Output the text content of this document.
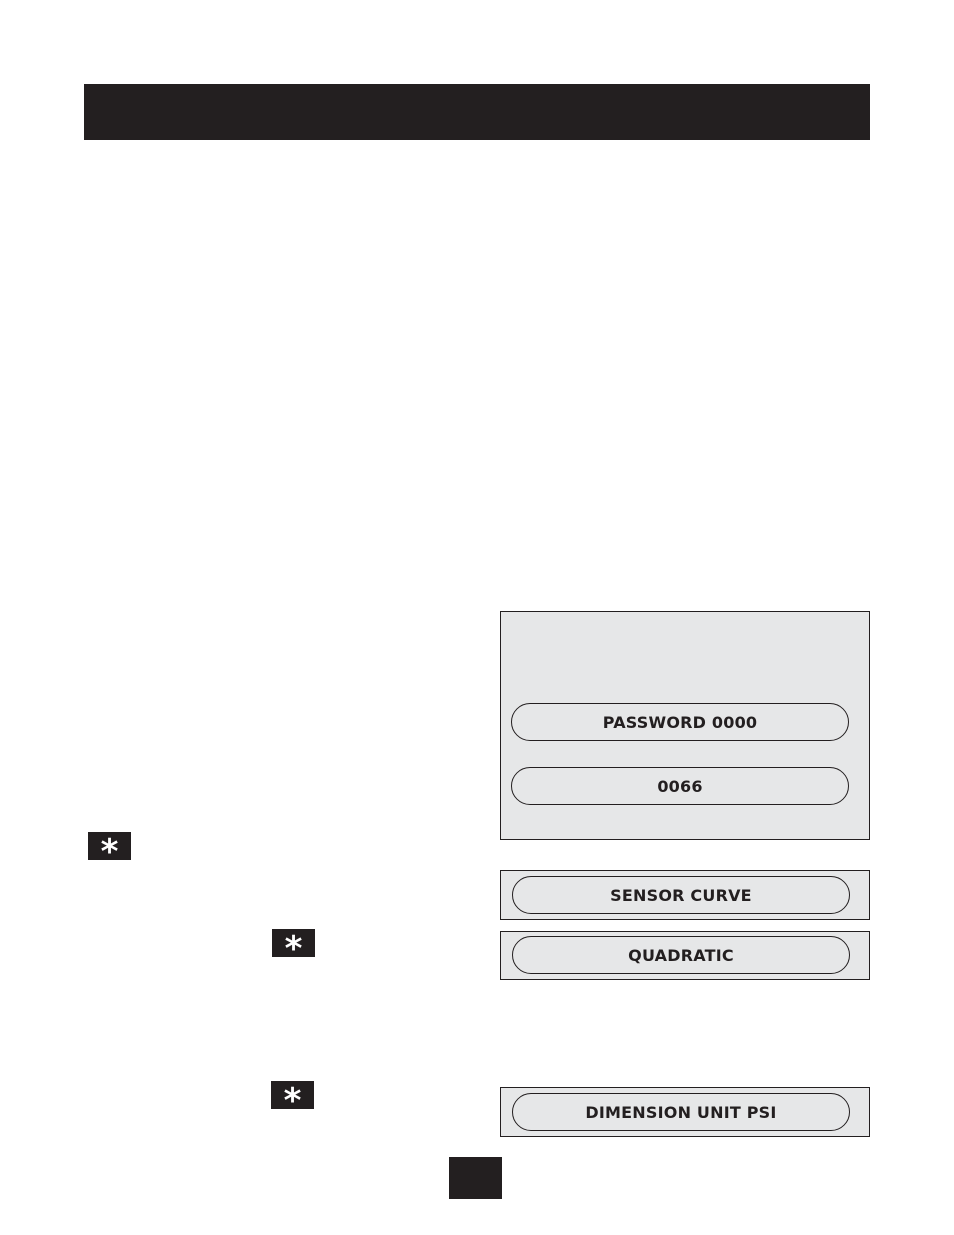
PASSWORD 0000
0066
SENSOR CURVE
QUADRATIC
DIMENSION UNIT PSI
*
*
*
